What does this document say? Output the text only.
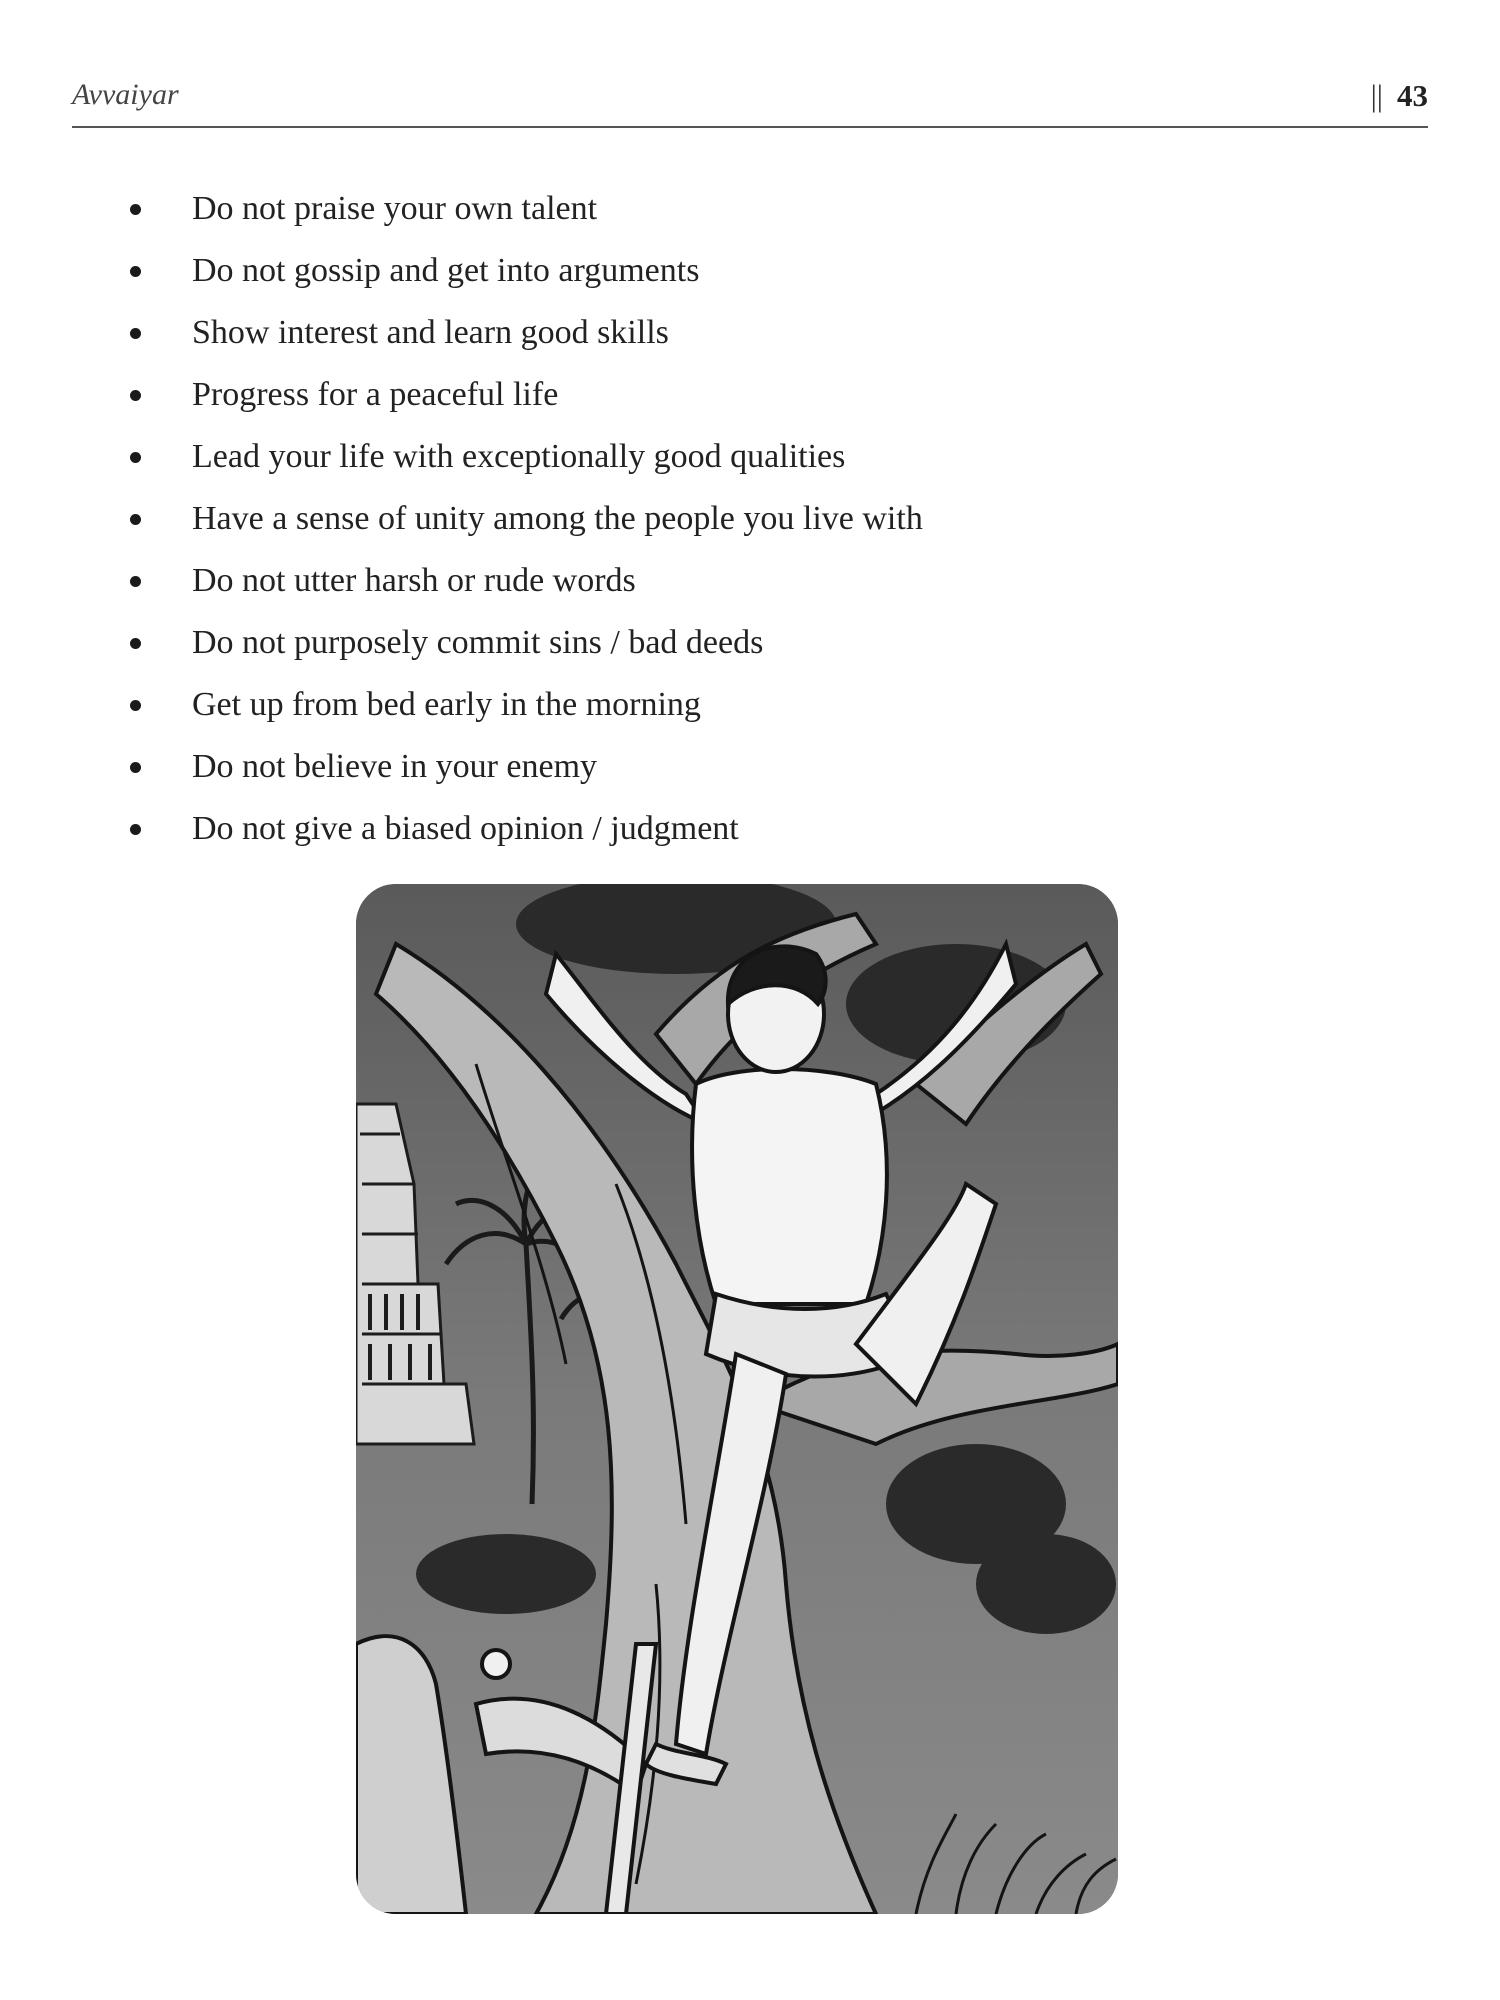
Avvaiyar	|| 43
Do not praise your own talent
Do not gossip and get into arguments
Show interest and learn good skills
Progress for a peaceful life
Lead your life with exceptionally good qualities
Have a sense of unity among the people you live with
Do not utter harsh or rude words
Do not purposely commit sins / bad deeds
Get up from bed early in the morning
Do not believe in your enemy
Do not give a biased opinion / judgment
